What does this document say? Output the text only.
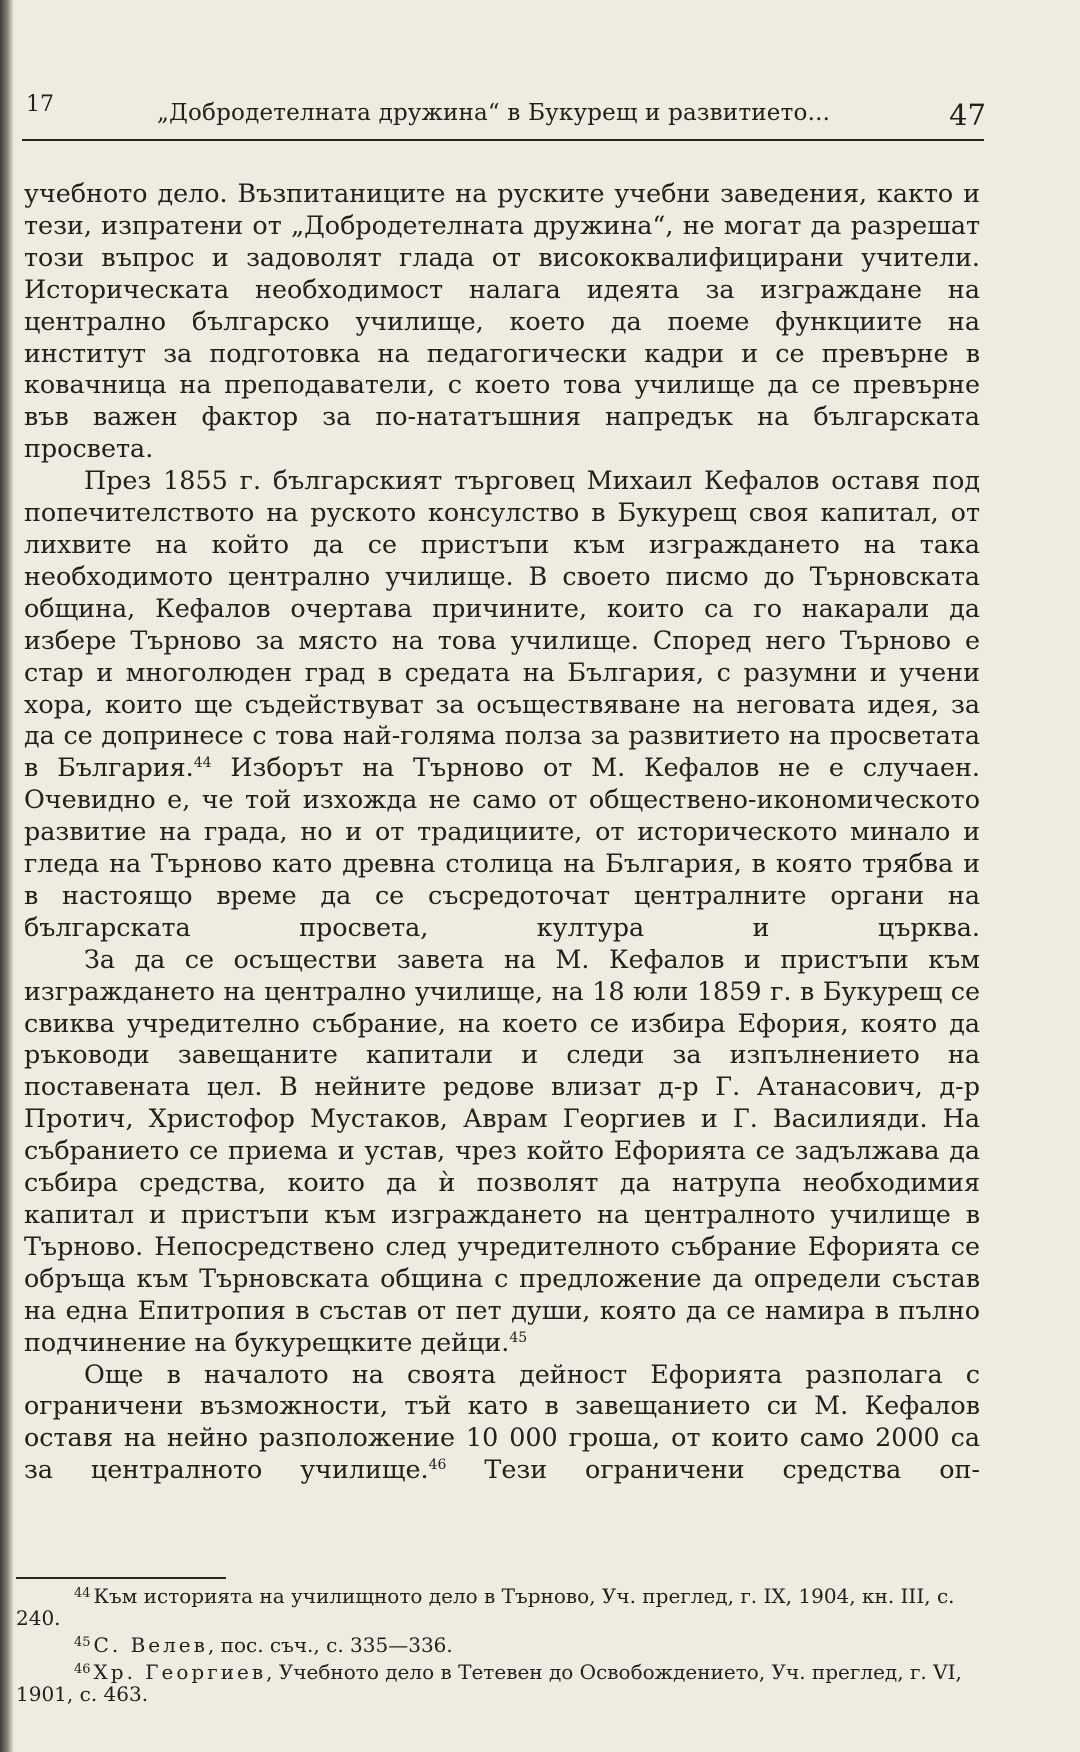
17	„Добродетелната дружина“ в Букурещ и развитието...	47

учебното дело. Възпитаниците на руските учебни заведения, както и тези, изпратени от „Добродетелната дружина“, не могат да разрешат този въпрос и задоволят глада от висококвалифицирани учители. Историческата необходимост налага идеята за изграждане на централно българско училище, което да поеме функциите на институт за подготовка на педагогически кадри и се превърне в ковачница на преподаватели, с което това училище да се превърне във важен фактор за по-нататъшния напредък на българската просвета.

През 1855 г. българският търговец Михаил Кефалов оставя под попечителството на руското консулство в Букурещ своя капитал, от лихвите на който да се пристъпи към изграждането на така необходимото централно училище. В своето писмо до Търновската община, Кефалов очертава причините, които са го накарали да избере Търново за място на това училище. Според него Търново е стар и многолюден град в средата на България, с разумни и учени хора, които ще съдействуват за осъществяване на неговата идея, за да се допринесе с това най-голяма полза за развитието на просветата в България.$^{44}$ Изборът на Търново от М. Кефалов не е случаен. Очевидно е, че той изхожда не само от обществено-икономическото развитие на града, но и от традициите, от историческото минало и гледа на Търново като древна столица на България, в която трябва и в настоящо време да се съсредоточат централните органи на българската просвета, култура и църква.

За да се осъществи завета на М. Кефалов и пристъпи към изграждането на централно училище, на 18 юли 1859 г. в Букурещ се свиква учредително събрание, на което се избира Ефория, която да ръководи завещаните капитали и следи за изпълнението на поставената цел. В нейните редове влизат д-р Г. Атанасович, д-р Протич, Христофор Мустаков, Аврам Георгиев и Г. Василияди. На събранието се приема и устав, чрез който Ефорията се задължава да събира средства, които да ѝ позволят да натрупа необходимия капитал и пристъпи към изграждането на централното училище в Търново. Непосредствено след учредителното събрание Ефорията се обръща към Търновската община с предложение да определи състав на една Епитропия в състав от пет души, която да се намира в пълно подчинение на букурещките дейци.$^{45}$

Още в началото на своята дейност Ефорията разполага с ограничени възможности, тъй като в завещанието си М. Кефалов оставя на нейно разположение 10 000 гроша, от които само 2000 са за централното училище.$^{46}$ Тези ограничени средства оп-

$^{44}$ Към историята на училищното дело в Търново, Уч. преглед, г. IX, 1904, кн. III, с. 240.

$^{45}$ С. Велев, пос. съч., с. 335—336.

$^{46}$ Хр. Георгиев, Учебното дело в Тетевен до Освобождението, Уч. преглед, г. VI, 1901, с. 463.
